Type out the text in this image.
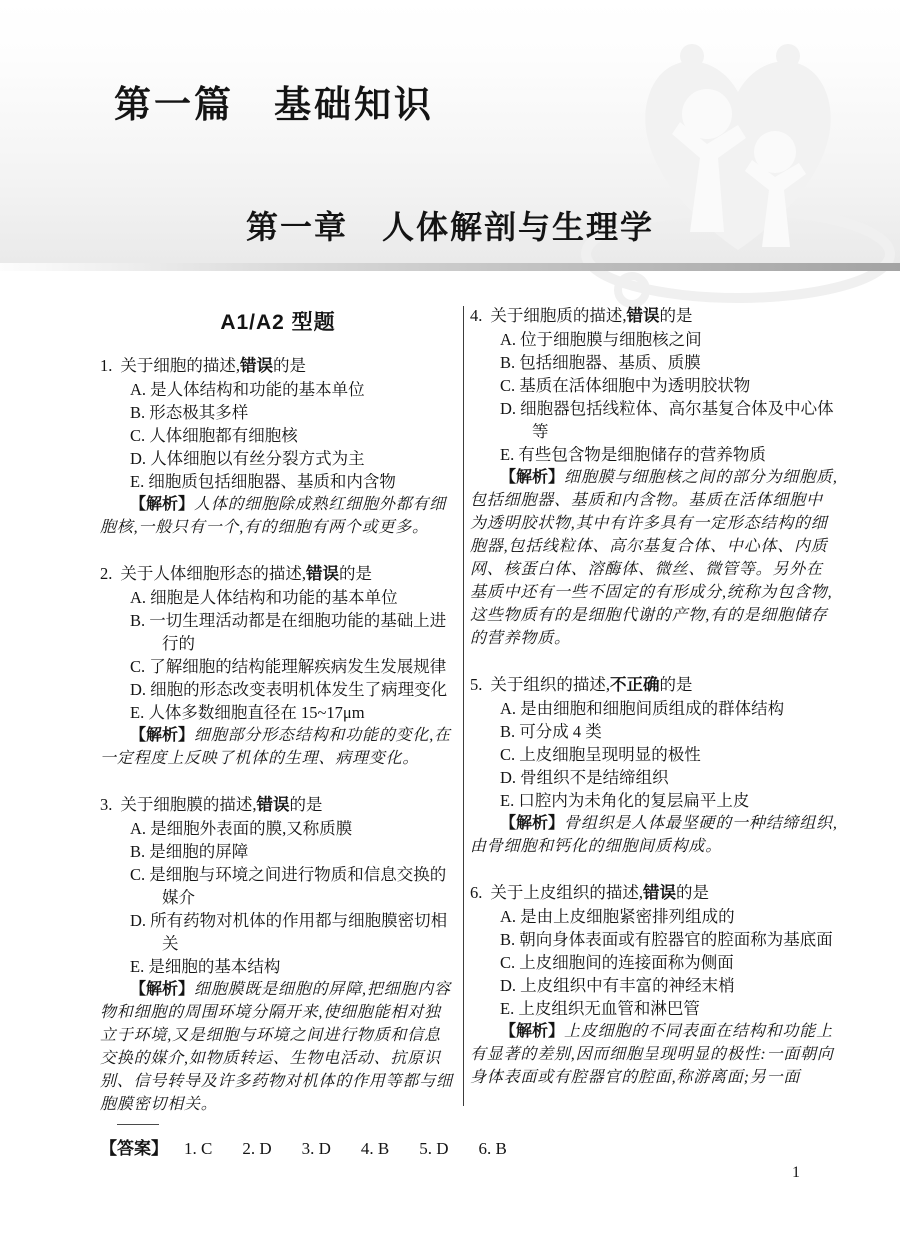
第一篇　基础知识
第一章　人体解剖与生理学
A1/A2 型题

1. 关于细胞的描述,错误的是

A. 是人体结构和功能的基本单位

B. 形态极其多样

C. 人体细胞都有细胞核

D. 人体细胞以有丝分裂方式为主

E. 细胞质包括细胞器、基质和内含物

【解析】人体的细胞除成熟红细胞外都有细胞核,一般只有一个,有的细胞有两个或更多。

2. 关于人体细胞形态的描述,错误的是

A. 细胞是人体结构和功能的基本单位

B. 一切生理活动都是在细胞功能的基础上进行的

C. 了解细胞的结构能理解疾病发生发展规律

D. 细胞的形态改变表明机体发生了病理变化

E. 人体多数细胞直径在 15~17μm

【解析】细胞部分形态结构和功能的变化,在一定程度上反映了机体的生理、病理变化。

3. 关于细胞膜的描述,错误的是

A. 是细胞外表面的膜,又称质膜

B. 是细胞的屏障

C. 是细胞与环境之间进行物质和信息交换的媒介

D. 所有药物对机体的作用都与细胞膜密切相关

E. 是细胞的基本结构

【解析】细胞膜既是细胞的屏障,把细胞内容物和细胞的周围环境分隔开来,使细胞能相对独立于环境,又是细胞与环境之间进行物质和信息交换的媒介,如物质转运、生物电活动、抗原识别、信号转导及许多药物对机体的作用等都与细胞膜密切相关。

4. 关于细胞质的描述,错误的是

A. 位于细胞膜与细胞核之间

B. 包括细胞器、基质、质膜

C. 基质在活体细胞中为透明胶状物

D. 细胞器包括线粒体、高尔基复合体及中心体等

E. 有些包含物是细胞储存的营养物质

【解析】细胞膜与细胞核之间的部分为细胞质,包括细胞器、基质和内含物。基质在活体细胞中为透明胶状物,其中有许多具有一定形态结构的细胞器,包括线粒体、高尔基复合体、中心体、内质网、核蛋白体、溶酶体、微丝、微管等。另外在基质中还有一些不固定的有形成分,统称为包含物,这些物质有的是细胞代谢的产物,有的是细胞储存的营养物质。

5. 关于组织的描述,不正确的是

A. 是由细胞和细胞间质组成的群体结构

B. 可分成 4 类

C. 上皮细胞呈现明显的极性

D. 骨组织不是结缔组织

E. 口腔内为未角化的复层扁平上皮

【解析】骨组织是人体最坚硬的一种结缔组织,由骨细胞和钙化的细胞间质构成。

6. 关于上皮组织的描述,错误的是

A. 是由上皮细胞紧密排列组成的

B. 朝向身体表面或有腔器官的腔面称为基底面

C. 上皮细胞间的连接面称为侧面

D. 上皮组织中有丰富的神经末梢

E. 上皮组织无血管和淋巴管

【解析】上皮细胞的不同表面在结构和功能上有显著的差别,因而细胞呈现明显的极性:一面朝向身体表面或有腔器官的腔面,称游离面;另一面

【答案】 1. C 2. D 3. D 4. B 5. D 6. B
1
